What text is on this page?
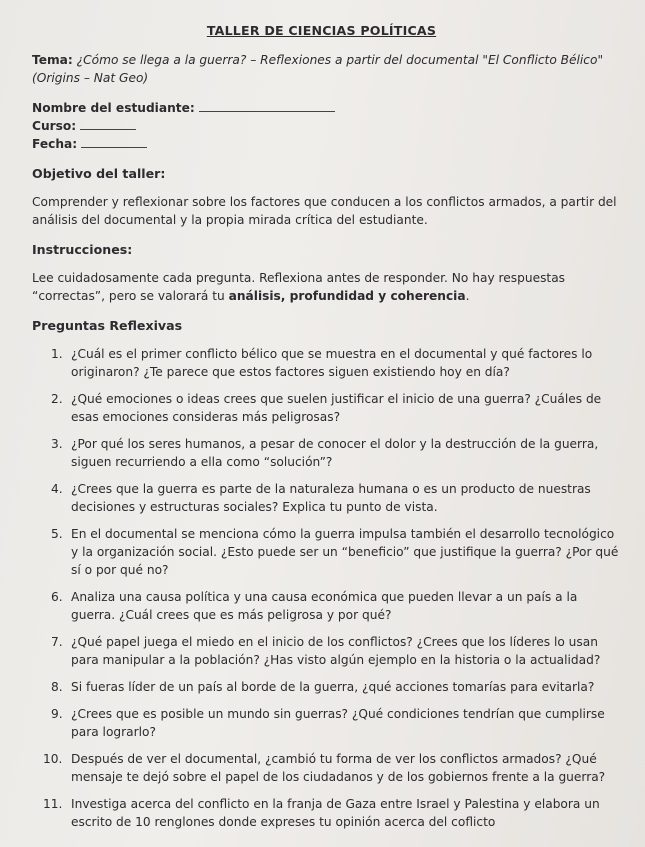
TALLER DE CIENCIAS POLÍTICAS
Tema: ¿Cómo se llega a la guerra? – Reflexiones a partir del documental "El Conflicto Bélico" (Origins – Nat Geo)
Nombre del estudiante:
Curso:
Fecha:
Objetivo del taller:
Comprender y reflexionar sobre los factores que conducen a los conflictos armados, a partir del análisis del documental y la propia mirada crítica del estudiante.
Instrucciones:
Lee cuidadosamente cada pregunta. Reflexiona antes de responder. No hay respuestas “correctas”, pero se valorará tu análisis, profundidad y coherencia.
Preguntas Reflexivas
1. ¿Cuál es el primer conflicto bélico que se muestra en el documental y qué factores lo originaron? ¿Te parece que estos factores siguen existiendo hoy en día?
2. ¿Qué emociones o ideas crees que suelen justificar el inicio de una guerra? ¿Cuáles de esas emociones consideras más peligrosas?
3. ¿Por qué los seres humanos, a pesar de conocer el dolor y la destrucción de la guerra, siguen recurriendo a ella como “solución”?
4. ¿Crees que la guerra es parte de la naturaleza humana o es un producto de nuestras decisiones y estructuras sociales? Explica tu punto de vista.
5. En el documental se menciona cómo la guerra impulsa también el desarrollo tecnológico y la organización social. ¿Esto puede ser un “beneficio” que justifique la guerra? ¿Por qué sí o por qué no?
6. Analiza una causa política y una causa económica que pueden llevar a un país a la guerra. ¿Cuál crees que es más peligrosa y por qué?
7. ¿Qué papel juega el miedo en el inicio de los conflictos? ¿Crees que los líderes lo usan para manipular a la población? ¿Has visto algún ejemplo en la historia o la actualidad?
8. Si fueras líder de un país al borde de la guerra, ¿qué acciones tomarías para evitarla?
9. ¿Crees que es posible un mundo sin guerras? ¿Qué condiciones tendrían que cumplirse para lograrlo?
10. Después de ver el documental, ¿cambió tu forma de ver los conflictos armados? ¿Qué mensaje te dejó sobre el papel de los ciudadanos y de los gobiernos frente a la guerra?
11. Investiga acerca del conflicto en la franja de Gaza entre Israel y Palestina y elabora un escrito de 10 renglones donde expreses tu opinión acerca del coflicto
